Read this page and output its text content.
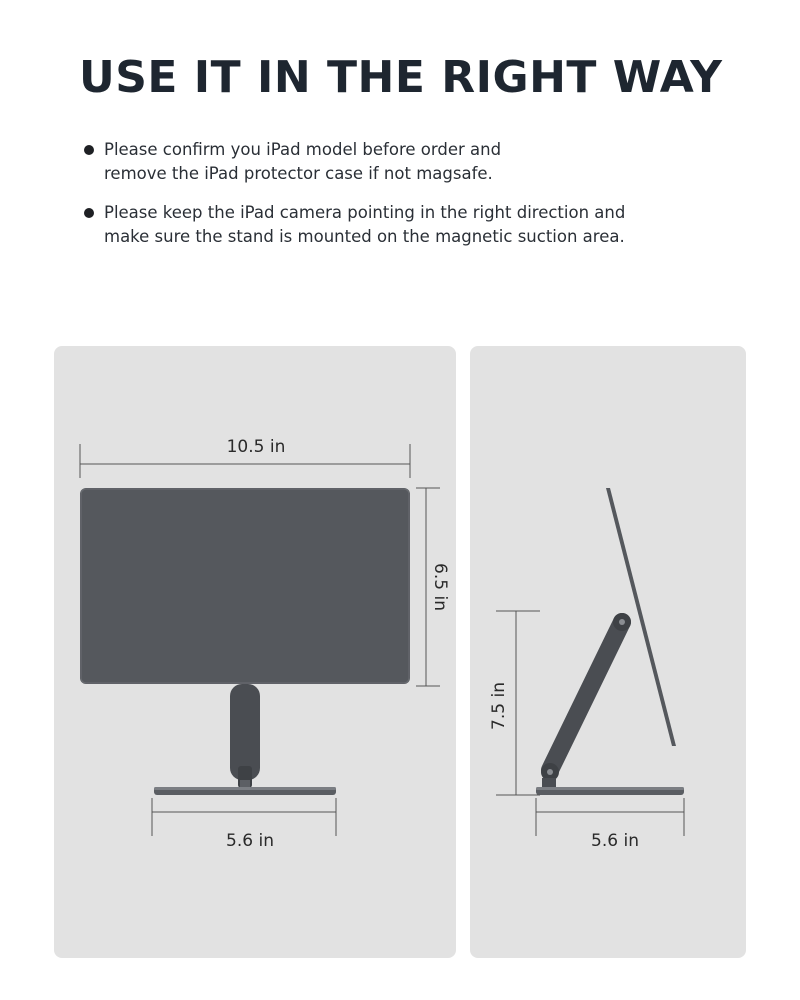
USE IT IN THE RIGHT WAY
Please confirm you iPad model before order and
remove the iPad protector case if not magsafe.
Please keep the iPad camera pointing in the right direction and
make sure the stand is mounted on the magnetic suction area.
10.5 in
6.5 in
5.6 in
7.5 in
5.6 in
